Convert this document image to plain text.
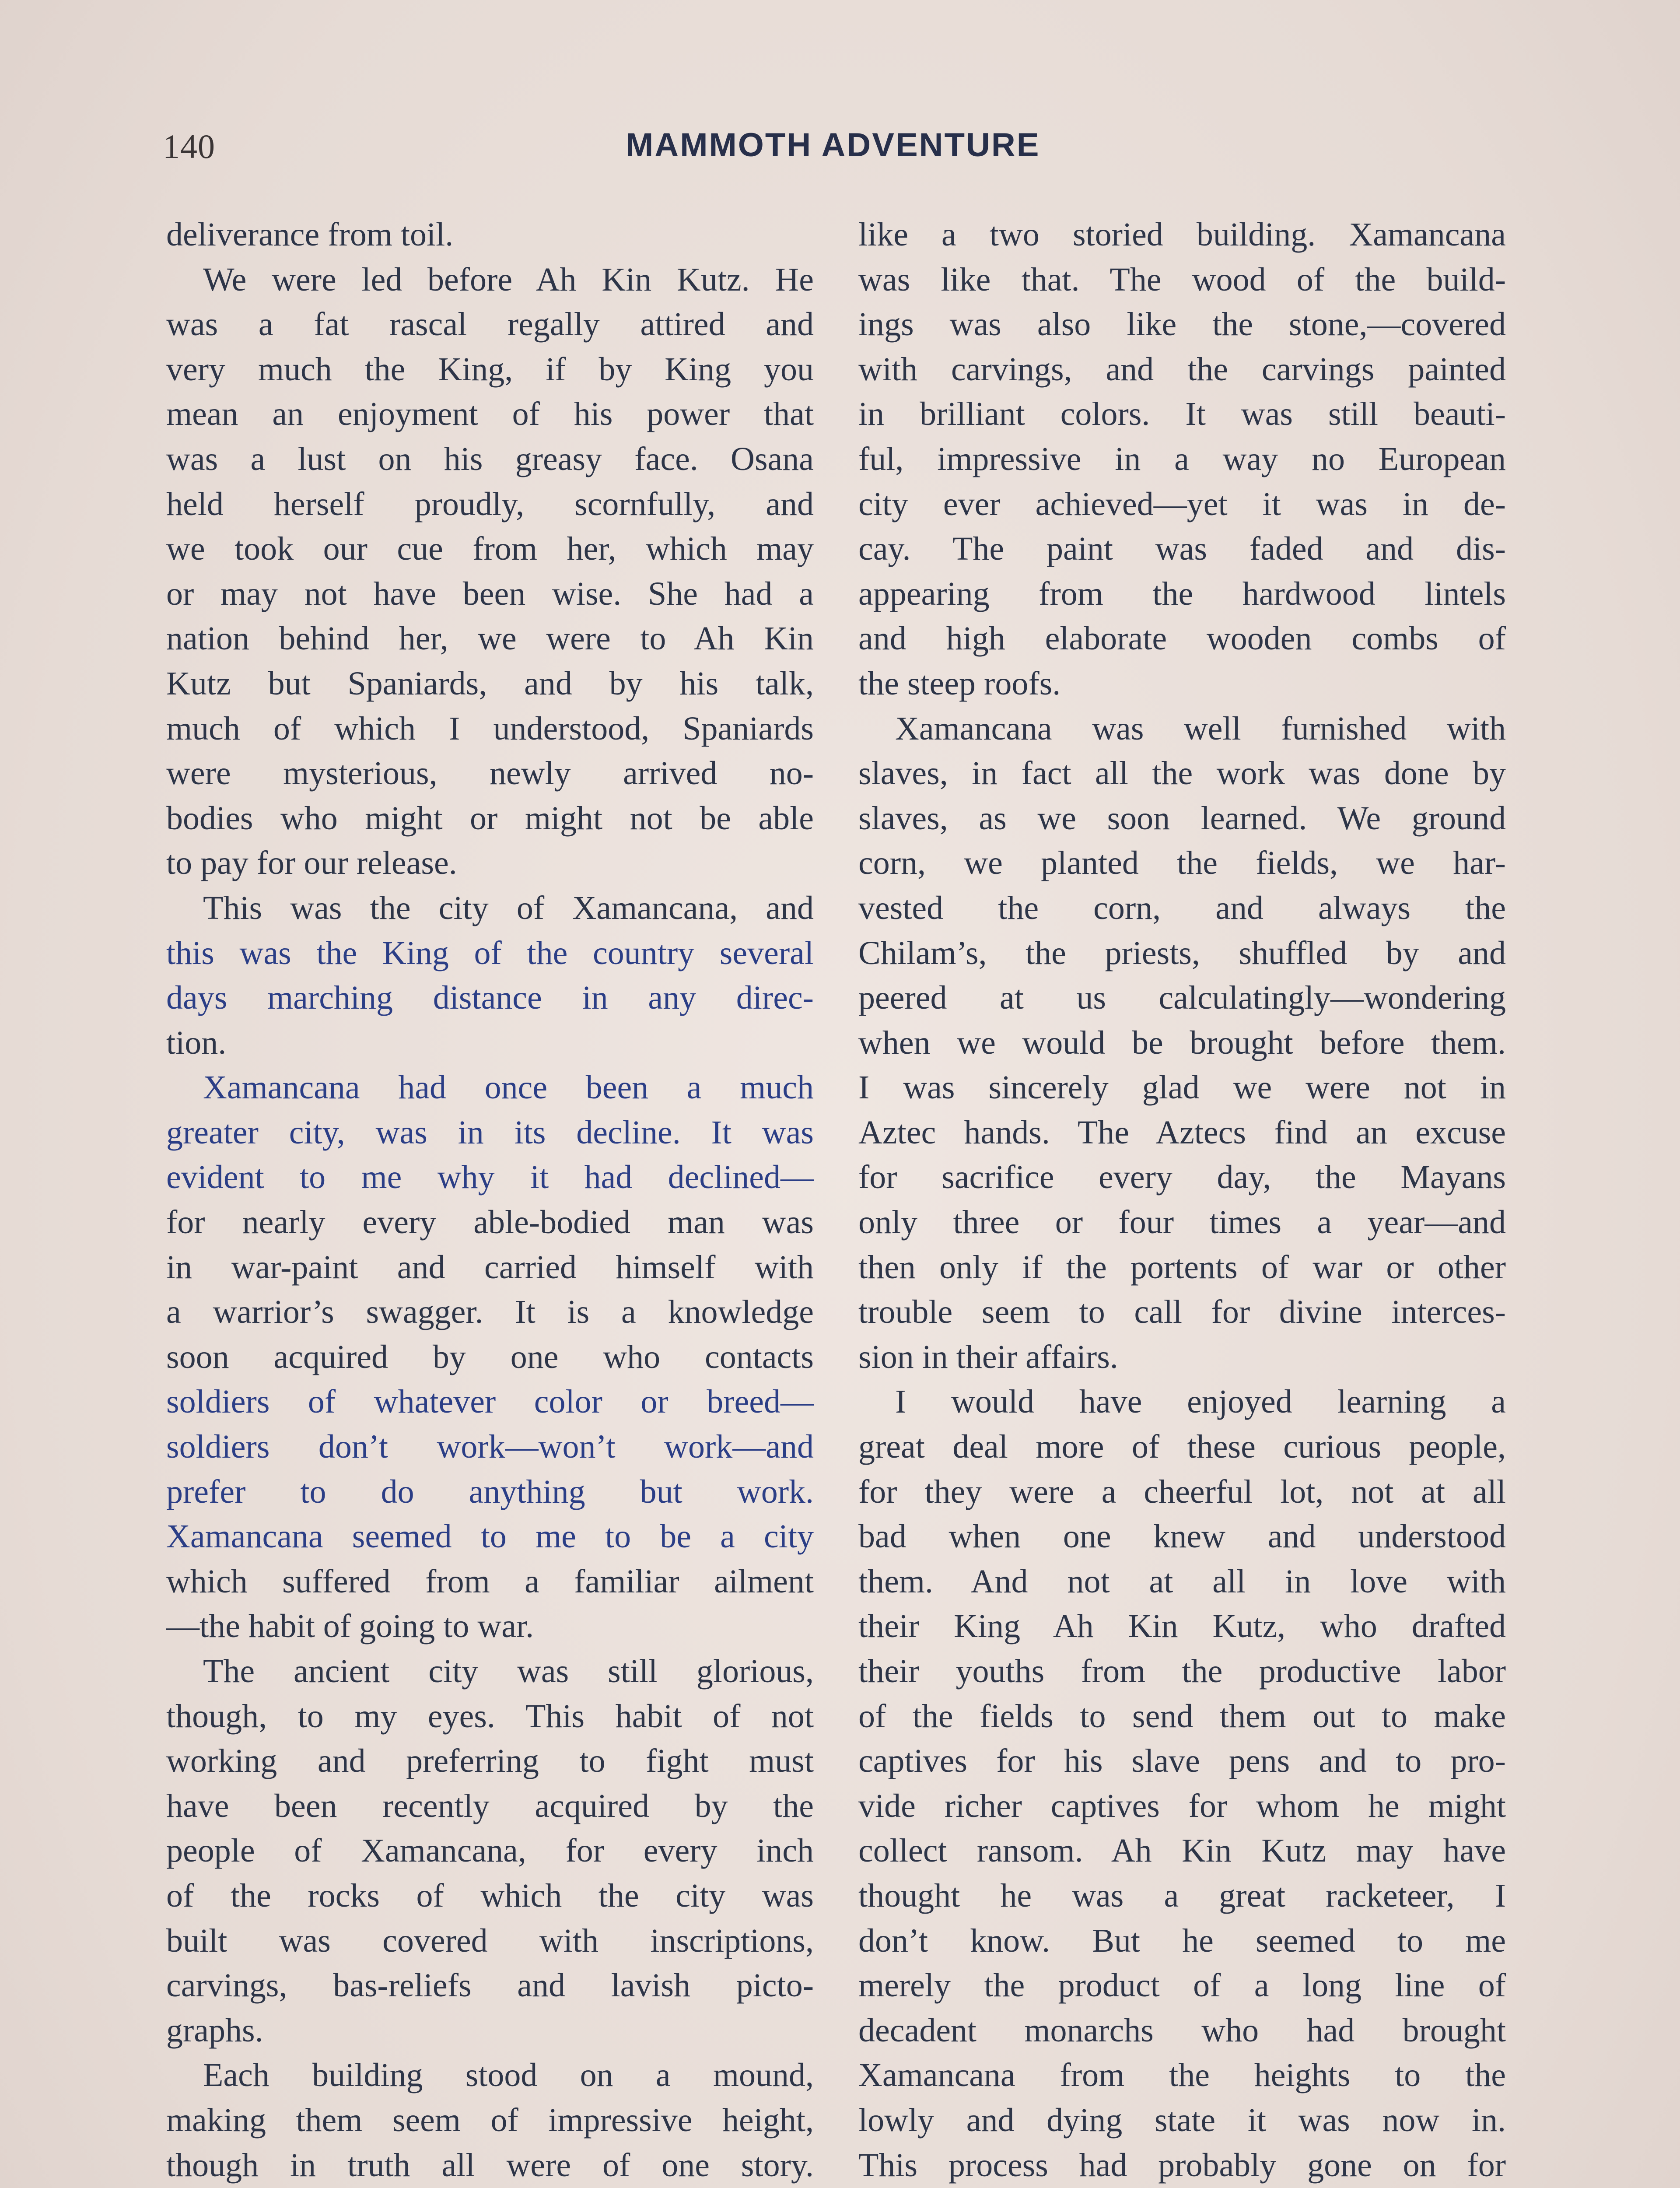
140	MAMMOTH ADVENTURE
deliverance from toil.
We were led before Ah Kin Kutz. He
was a fat rascal regally attired and
very much the King, if by King you
mean an enjoyment of his power that
was a lust on his greasy face. Osana
held herself proudly, scornfully, and
we took our cue from her, which may
or may not have been wise. She had a
nation behind her, we were to Ah Kin
Kutz but Spaniards, and by his talk,
much of which I understood, Spaniards
were mysterious, newly arrived no-
bodies who might or might not be able
to pay for our release.
This was the city of Xamancana, and
this was the King of the country several
days marching distance in any direc-
tion.
Xamancana had once been a much
greater city, was in its decline. It was
evident to me why it had declined—
for nearly every able-bodied man was
in war-paint and carried himself with
a warrior’s swagger. It is a knowledge
soon acquired by one who contacts
soldiers of whatever color or breed—
soldiers don’t work—won’t work—and
prefer to do anything but work.
Xamancana seemed to me to be a city
which suffered from a familiar ailment
—the habit of going to war.
The ancient city was still glorious,
though, to my eyes. This habit of not
working and preferring to fight must
have been recently acquired by the
people of Xamancana, for every inch
of the rocks of which the city was
built was covered with inscriptions,
carvings, bas-reliefs and lavish picto-
graphs.
Each building stood on a mound,
making them seem of impressive height,
though in truth all were of one story.
like a two storied building. Xamancana
was like that. The wood of the build-
ings was also like the stone,—covered
with carvings, and the carvings painted
in brilliant colors. It was still beauti-
ful, impressive in a way no European
city ever achieved—yet it was in de-
cay. The paint was faded and dis-
appearing from the hardwood lintels
and high elaborate wooden combs of
the steep roofs.
Xamancana was well furnished with
slaves, in fact all the work was done by
slaves, as we soon learned. We ground
corn, we planted the fields, we har-
vested the corn, and always the
Chilam’s, the priests, shuffled by and
peered at us calculatingly—wondering
when we would be brought before them.
I was sincerely glad we were not in
Aztec hands. The Aztecs find an excuse
for sacrifice every day, the Mayans
only three or four times a year—and
then only if the portents of war or other
trouble seem to call for divine interces-
sion in their affairs.
I would have enjoyed learning a
great deal more of these curious people,
for they were a cheerful lot, not at all
bad when one knew and understood
them. And not at all in love with
their King Ah Kin Kutz, who drafted
their youths from the productive labor
of the fields to send them out to make
captives for his slave pens and to pro-
vide richer captives for whom he might
collect ransom. Ah Kin Kutz may have
thought he was a great racketeer, I
don’t know. But he seemed to me
merely the product of a long line of
decadent monarchs who had brought
Xamancana from the heights to the
lowly and dying state it was now in.
This process had probably gone on for
